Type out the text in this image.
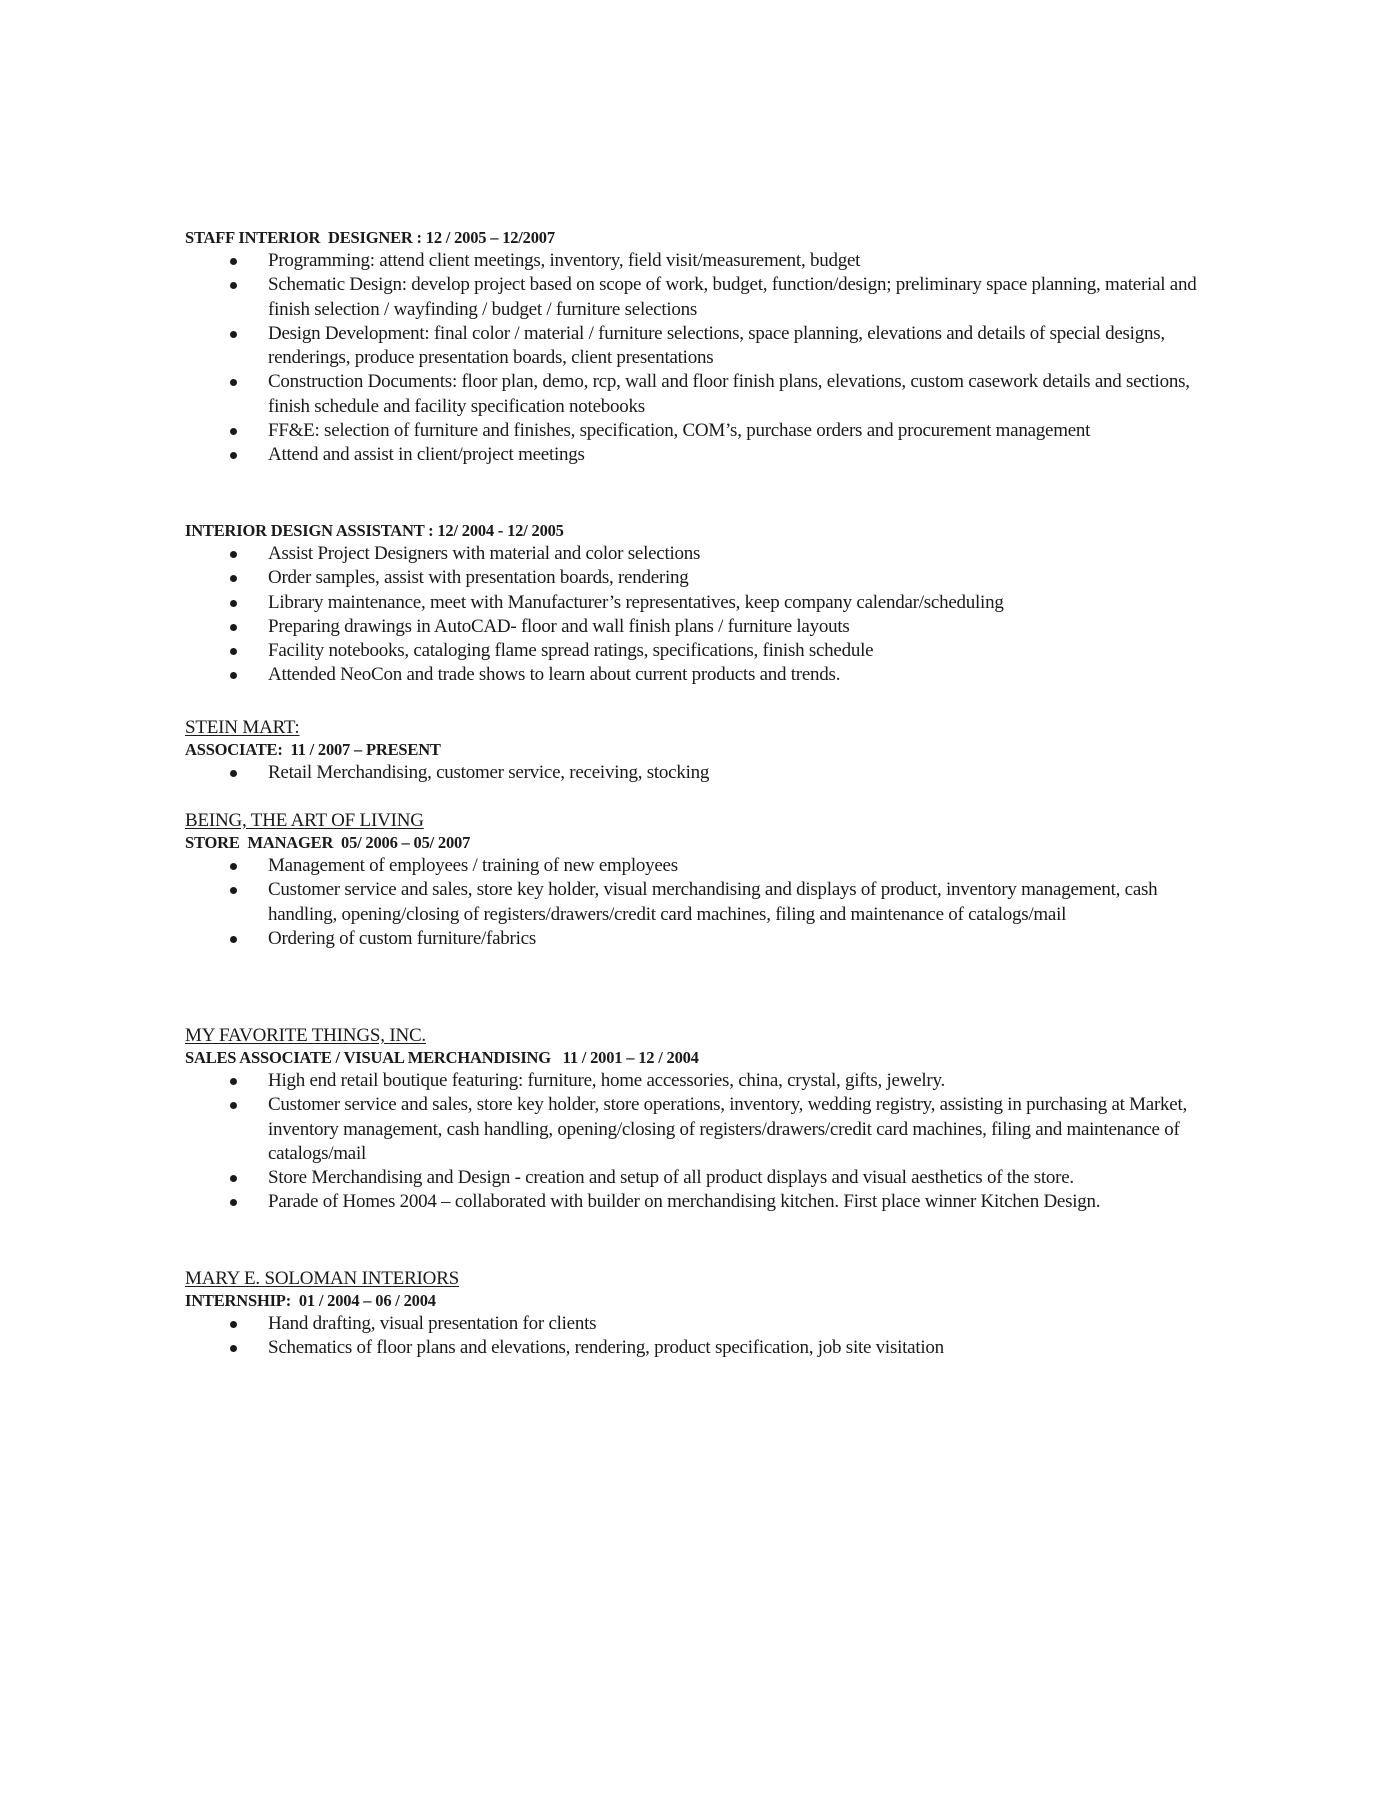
STAFF INTERIOR  DESIGNER : 12 / 2005 – 12/2007
Programming: attend client meetings, inventory, field visit/measurement, budget
Schematic Design: develop project based on scope of work, budget, function/design; preliminary space planning, material and finish selection / wayfinding / budget / furniture selections
Design Development: final color / material / furniture selections, space planning, elevations and details of special designs, renderings, produce presentation boards, client presentations
Construction Documents: floor plan, demo, rcp, wall and floor finish plans, elevations, custom casework details and sections, finish schedule and facility specification notebooks
FF&E: selection of furniture and finishes, specification, COM’s, purchase orders and procurement management
Attend and assist in client/project meetings
INTERIOR DESIGN ASSISTANT : 12/ 2004 - 12/ 2005
Assist Project Designers with material and color selections
Order samples, assist with presentation boards, rendering
Library maintenance, meet with Manufacturer’s representatives, keep company calendar/scheduling
Preparing drawings in AutoCAD- floor and wall finish plans / furniture layouts
Facility notebooks, cataloging flame spread ratings, specifications, finish schedule
Attended NeoCon and trade shows to learn about current products and trends.
STEIN MART:
ASSOCIATE:  11 / 2007 – PRESENT
Retail Merchandising, customer service, receiving, stocking
BEING, THE ART OF LIVING
STORE  MANAGER  05/ 2006 – 05/ 2007
Management of employees / training of new employees
Customer service and sales, store key holder, visual merchandising and displays of product, inventory management, cash handling, opening/closing of registers/drawers/credit card machines, filing and maintenance of catalogs/mail
Ordering of custom furniture/fabrics
MY FAVORITE THINGS, INC.
SALES ASSOCIATE / VISUAL MERCHANDISING   11 / 2001 – 12 / 2004
High end retail boutique featuring: furniture, home accessories, china, crystal, gifts, jewelry.
Customer service and sales, store key holder, store operations, inventory, wedding registry, assisting in purchasing at Market, inventory management, cash handling, opening/closing of registers/drawers/credit card machines, filing and maintenance of catalogs/mail
Store Merchandising and Design - creation and setup of all product displays and visual aesthetics of the store.
Parade of Homes 2004 – collaborated with builder on merchandising kitchen. First place winner Kitchen Design.
MARY E. SOLOMAN INTERIORS
INTERNSHIP:  01 / 2004 – 06 / 2004
Hand drafting, visual presentation for clients
Schematics of floor plans and elevations, rendering, product specification, job site visitation
